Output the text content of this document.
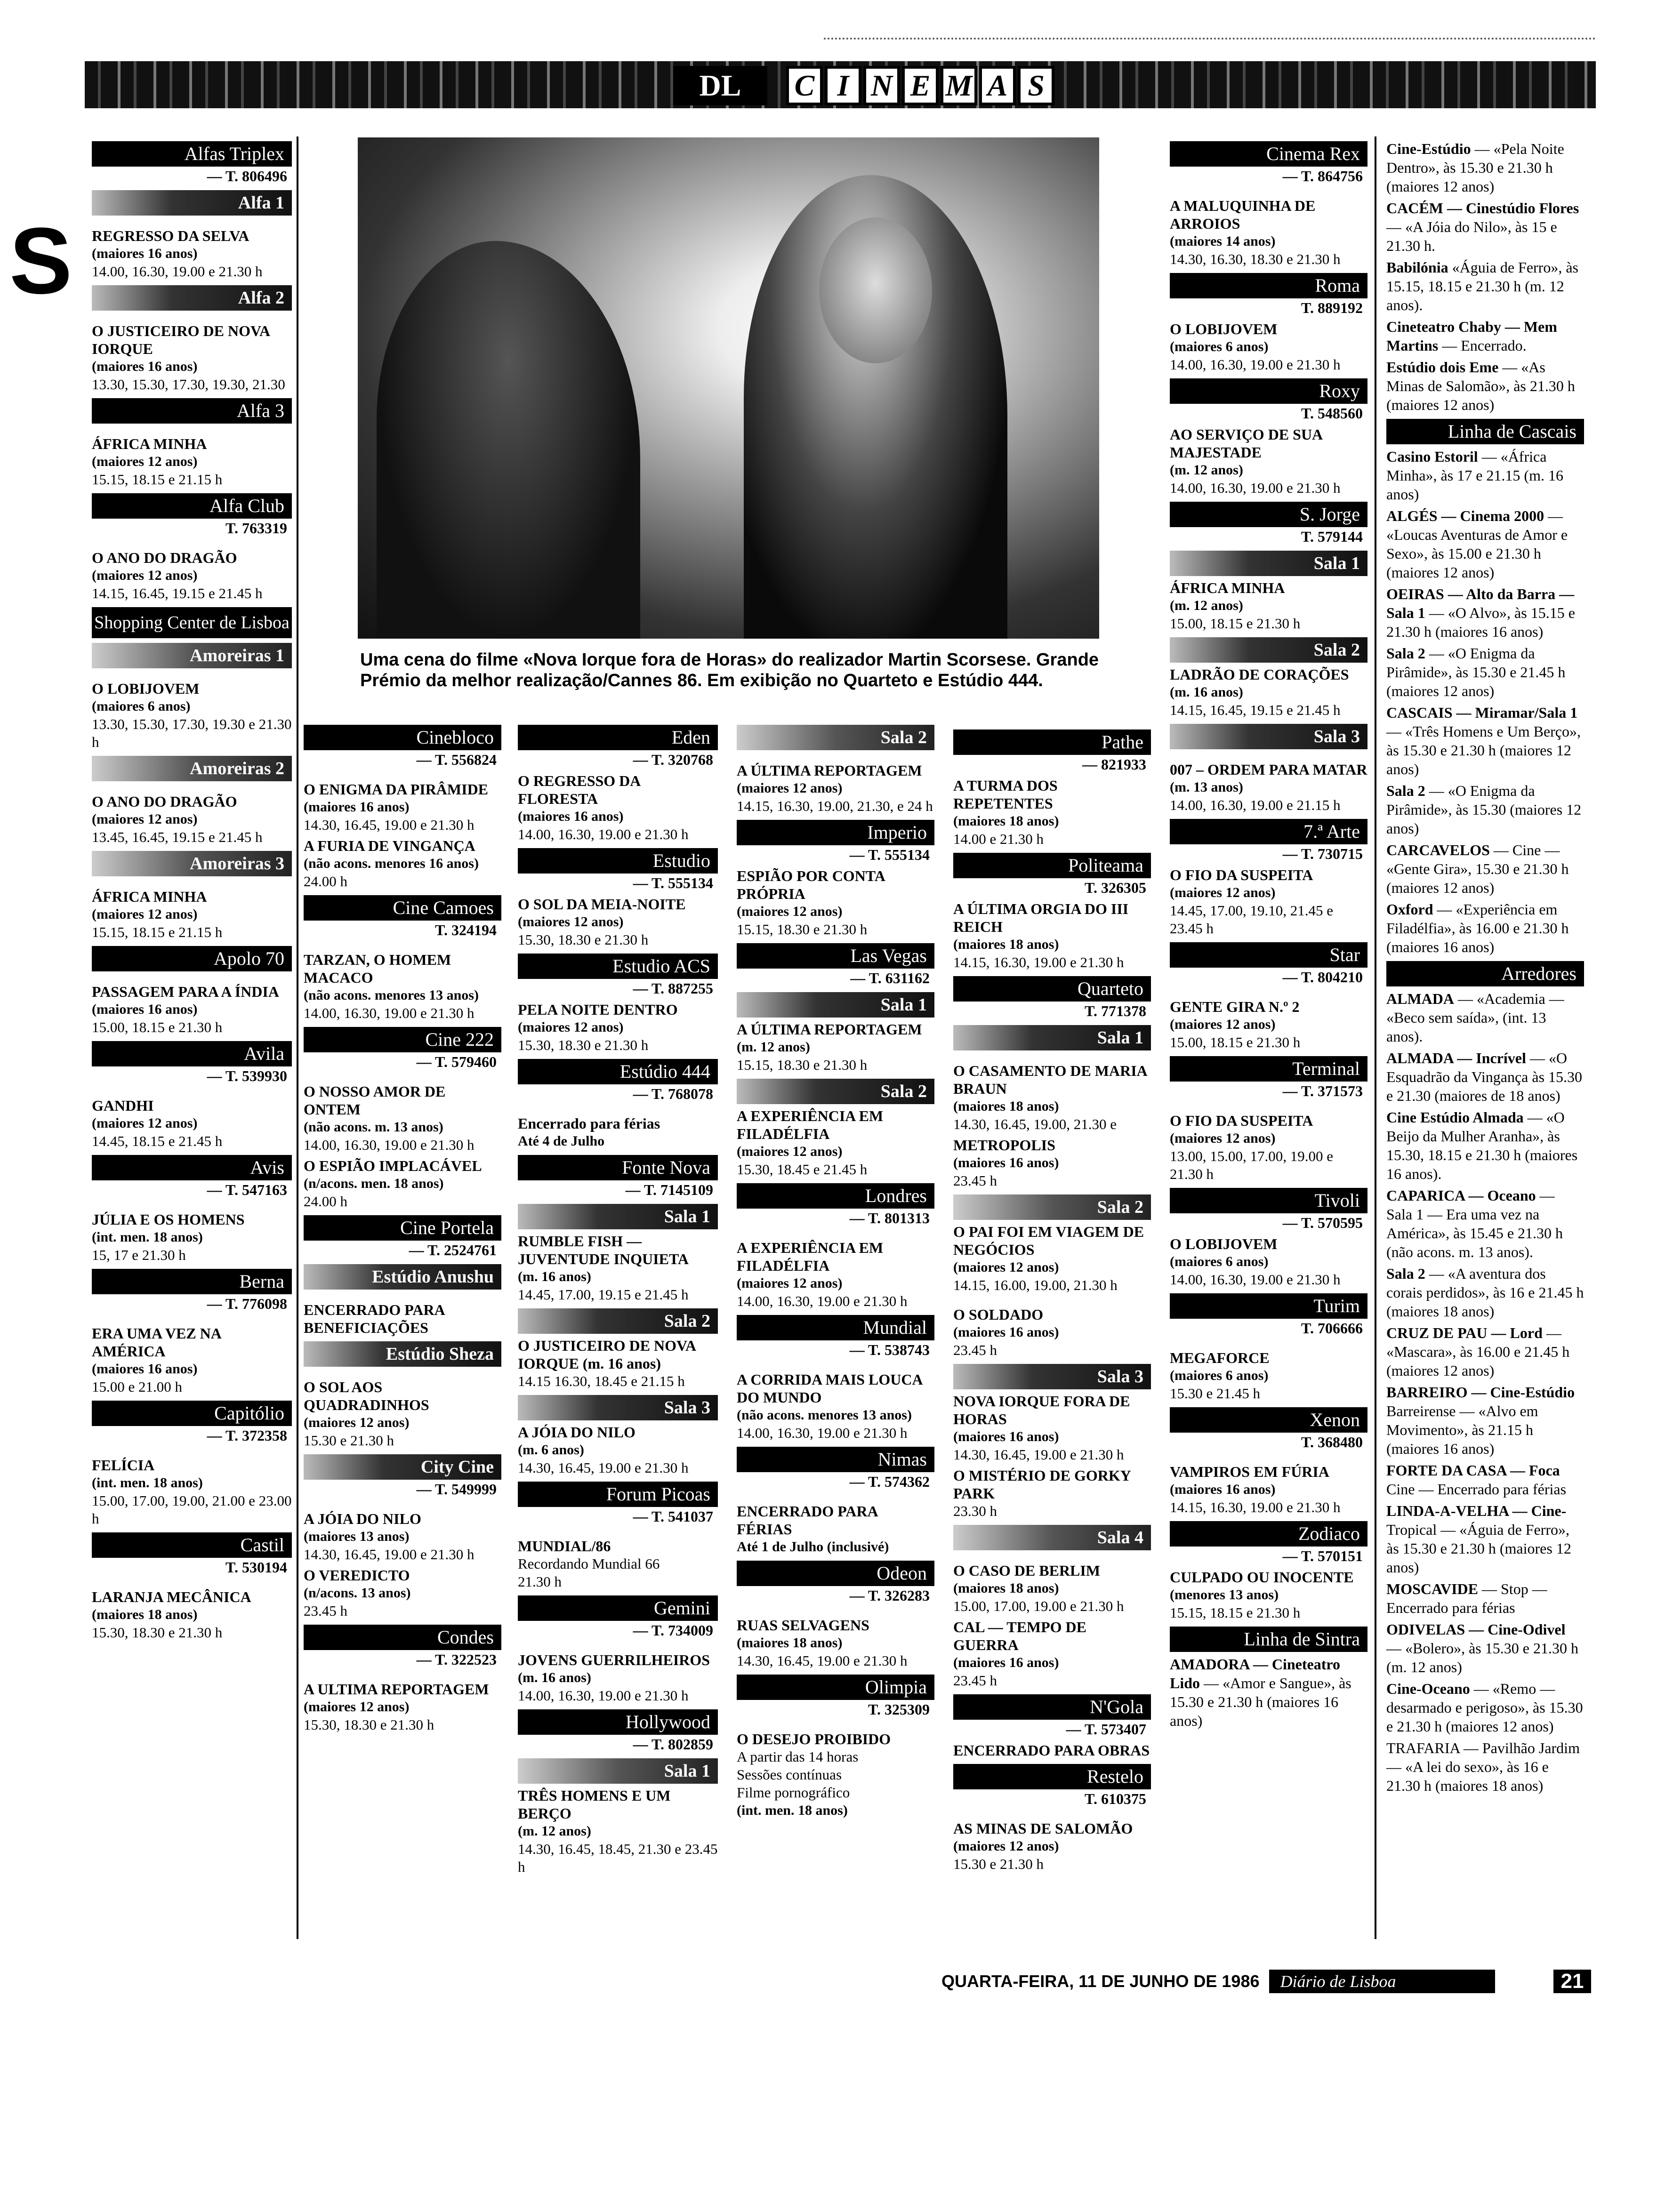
S
DL	C I N E M A S
Uma cena do filme «Nova Iorque fora de Horas» do realizador Martin Scorsese. Grande Prémio da melhor realização/Cannes 86. Em exibição no Quarteto e Estúdio 444.
Alfas Triplex
— T. 806496
Alfa 1
REGRESSO DA SELVA
(maiores 16 anos)
14.00, 16.30, 19.00 e 21.30 h
Alfa 2
O JUSTICEIRO DE NOVA IORQUE
(maiores 16 anos)
13.30, 15.30, 17.30, 19.30, 21.30
Alfa 3
ÁFRICA MINHA
(maiores 12 anos)
15.15, 18.15 e 21.15 h
Alfa Club
T. 763319
O ANO DO DRAGÃO
(maiores 12 anos)
14.15, 16.45, 19.15 e 21.45 h
Shopping Center de Lisboa
Amoreiras 1
O LOBIJOVEM
(maiores 6 anos)
13.30, 15.30, 17.30, 19.30 e 21.30 h
Amoreiras 2
O ANO DO DRAGÃO
(maiores 12 anos)
13.45, 16.45, 19.15 e 21.45 h
Amoreiras 3
ÁFRICA MINHA
(maiores 12 anos)
15.15, 18.15 e 21.15 h
Apolo 70
PASSAGEM PARA A ÍNDIA
(maiores 16 anos)
15.00, 18.15 e 21.30 h
Avila
— T. 539930
GANDHI
(maiores 12 anos)
14.45, 18.15 e 21.45 h
Avis
— T. 547163
JÚLIA E OS HOMENS
(int. men. 18 anos)
15, 17 e 21.30 h
Berna
— T. 776098
ERA UMA VEZ NA AMÉRICA
(maiores 16 anos)
15.00 e 21.00 h
Capitólio
— T. 372358
FELÍCIA
(int. men. 18 anos)
15.00, 17.00, 19.00, 21.00 e 23.00 h
Castil
T. 530194
LARANJA MECÂNICA
(maiores 18 anos)
15.30, 18.30 e 21.30 h
Cinebloco
— T. 556824
O ENIGMA DA PIRÂMIDE
(maiores 16 anos)
14.30, 16.45, 19.00 e 21.30 h
A FURIA DE VINGANÇA
(não acons. menores 16 anos)
24.00 h
Cine Camoes
T. 324194
TARZAN, O HOMEM MACACO
(não acons. menores 13 anos)
14.00, 16.30, 19.00 e 21.30 h
Cine 222
— T. 579460
O NOSSO AMOR DE ONTEM
(não acons. m. 13 anos)
14.00, 16.30, 19.00 e 21.30 h
O ESPIÃO IMPLACÁVEL
(n/acons. men. 18 anos)
24.00 h
Cine Portela
— T. 2524761
Estúdio Anushu
ENCERRADO PARA BENEFICIAÇÕES
Estúdio Sheza
O SOL AOS QUADRADINHOS
(maiores 12 anos)
15.30 e 21.30 h
City Cine
— T. 549999
A JÓIA DO NILO
(maiores 13 anos)
14.30, 16.45, 19.00 e 21.30 h
O VEREDICTO
(n/acons. 13 anos)
23.45 h
Condes
— T. 322523
A ULTIMA REPORTAGEM
(maiores 12 anos)
15.30, 18.30 e 21.30 h
Eden
— T. 320768
O REGRESSO DA FLORESTA
(maiores 16 anos)
14.00, 16.30, 19.00 e 21.30 h
Estudio
— T. 555134
O SOL DA MEIA-NOITE
(maiores 12 anos)
15.30, 18.30 e 21.30 h
Estudio ACS
— T. 887255
PELA NOITE DENTRO
(maiores 12 anos)
15.30, 18.30 e 21.30 h
Estúdio 444
— T. 768078
Encerrado para férias
Até 4 de Julho
Fonte Nova
— T. 7145109
Sala 1
RUMBLE FISH — JUVENTUDE INQUIETA
(m. 16 anos)
14.45, 17.00, 19.15 e 21.45 h
Sala 2
O JUSTICEIRO DE NOVA IORQUE (m. 16 anos)
14.15 16.30, 18.45 e 21.15 h
Sala 3
A JÓIA DO NILO
(m. 6 anos)
14.30, 16.45, 19.00 e 21.30 h
Forum Picoas
— T. 541037
MUNDIAL/86
Recordando Mundial 66
21.30 h
Gemini
— T. 734009
JOVENS GUERRILHEIROS
(m. 16 anos)
14.00, 16.30, 19.00 e 21.30 h
Hollywood
— T. 802859
Sala 1
TRÊS HOMENS E UM BERÇO
(m. 12 anos)
14.30, 16.45, 18.45, 21.30 e 23.45 h
Sala 2
A ÚLTIMA REPORTAGEM
(maiores 12 anos)
14.15, 16.30, 19.00, 21.30, e 24 h
Imperio
— T. 555134
ESPIÃO POR CONTA PRÓPRIA
(maiores 12 anos)
15.15, 18.30 e 21.30 h
Las Vegas
— T. 631162
Sala 1
A ÚLTIMA REPORTAGEM
(m. 12 anos)
15.15, 18.30 e 21.30 h
Sala 2
A EXPERIÊNCIA EM FILADÉLFIA
(maiores 12 anos)
15.30, 18.45 e 21.45 h
Londres
— T. 801313
A EXPERIÊNCIA EM FILADÉLFIA
(maiores 12 anos)
14.00, 16.30, 19.00 e 21.30 h
Mundial
— T. 538743
A CORRIDA MAIS LOUCA DO MUNDO
(não acons. menores 13 anos)
14.00, 16.30, 19.00 e 21.30 h
Nimas
— T. 574362
ENCERRADO PARA FÉRIAS
Até 1 de Julho (inclusivé)
Odeon
— T. 326283
RUAS SELVAGENS
(maiores 18 anos)
14.30, 16.45, 19.00 e 21.30 h
Olimpia
T. 325309
O DESEJO PROIBIDO
A partir das 14 horas
Sessões contínuas
Filme pornográfico
(int. men. 18 anos)
Pathe
— 821933
A TURMA DOS REPETENTES
(maiores 18 anos)
14.00 e 21.30 h
Politeama
T. 326305
A ÚLTIMA ORGIA DO III REICH
(maiores 18 anos)
14.15, 16.30, 19.00 e 21.30 h
Quarteto
T. 771378
Sala 1
O CASAMENTO DE MARIA BRAUN
(maiores 18 anos)
14.30, 16.45, 19.00, 21.30 e
METROPOLIS
(maiores 16 anos)
23.45 h
Sala 2
O PAI FOI EM VIAGEM DE NEGÓCIOS
(maiores 12 anos)
14.15, 16.00, 19.00, 21.30 h
O SOLDADO
(maiores 16 anos)
23.45 h
Sala 3
NOVA IORQUE FORA DE HORAS
(maiores 16 anos)
14.30, 16.45, 19.00 e 21.30 h
O MISTÉRIO DE GORKY PARK
23.30 h
Sala 4
O CASO DE BERLIM
(maiores 18 anos)
15.00, 17.00, 19.00 e 21.30 h
CAL — TEMPO DE GUERRA
(maiores 16 anos)
23.45 h
N'Gola
— T. 573407
ENCERRADO PARA OBRAS
Restelo
T. 610375
AS MINAS DE SALOMÃO
(maiores 12 anos)
15.30 e 21.30 h
Cinema Rex
— T. 864756
A MALUQUINHA DE ARROIOS
(maiores 14 anos)
14.30, 16.30, 18.30 e 21.30 h
Roma
T. 889192
O LOBIJOVEM
(maiores 6 anos)
14.00, 16.30, 19.00 e 21.30 h
Roxy
T. 548560
AO SERVIÇO DE SUA MAJESTADE
(m. 12 anos)
14.00, 16.30, 19.00 e 21.30 h
S. Jorge
T. 579144
Sala 1
ÁFRICA MINHA
(m. 12 anos)
15.00, 18.15 e 21.30 h
Sala 2
LADRÃO DE CORAÇÕES
(m. 16 anos)
14.15, 16.45, 19.15 e 21.45 h
Sala 3
007 – ORDEM PARA MATAR
(m. 13 anos)
14.00, 16.30, 19.00 e 21.15 h
7.ª Arte
— T. 730715
O FIO DA SUSPEITA
(maiores 12 anos)
14.45, 17.00, 19.10, 21.45 e 23.45 h
Star
— T. 804210
GENTE GIRA N.º 2
(maiores 12 anos)
15.00, 18.15 e 21.30 h
Terminal
— T. 371573
O FIO DA SUSPEITA
(maiores 12 anos)
13.00, 15.00, 17.00, 19.00 e 21.30 h
Tivoli
— T. 570595
O LOBIJOVEM
(maiores 6 anos)
14.00, 16.30, 19.00 e 21.30 h
Turim
T. 706666
MEGAFORCE
(maiores 6 anos)
15.30 e 21.45 h
Xenon
T. 368480
VAMPIROS EM FÚRIA
(maiores 16 anos)
14.15, 16.30, 19.00 e 21.30 h
Zodiaco
— T. 570151
CULPADO OU INOCENTE
(menores 13 anos)
15.15, 18.15 e 21.30 h
Linha de Sintra
AMADORA — Cineteatro Lido — «Amor e Sangue», às 15.30 e 21.30 h (maiores 16 anos)
Cine-Estúdio — «Pela Noite Dentro», às 15.30 e 21.30 h (maiores 12 anos)
CACÉM — Cinestúdio Flores — «A Jóia do Nilo», às 15 e 21.30 h.
Babilónia «Águia de Ferro», às 15.15, 18.15 e 21.30 h (m. 12 anos).
Cineteatro Chaby — Mem Martins — Encerrado.
Estúdio dois Eme — «As Minas de Salomão», às 21.30 h (maiores 12 anos)
Linha de Cascais
Casino Estoril — «África Minha», às 17 e 21.15 (m. 16 anos)
ALGÉS — Cinema 2000 — «Loucas Aventuras de Amor e Sexo», às 15.00 e 21.30 h (maiores 12 anos)
OEIRAS — Alto da Barra — Sala 1 — «O Alvo», às 15.15 e 21.30 h (maiores 16 anos)
Sala 2 — «O Enigma da Pirâmide», às 15.30 e 21.45 h (maiores 12 anos)
CASCAIS — Miramar/Sala 1 — «Três Homens e Um Berço», às 15.30 e 21.30 h (maiores 12 anos)
Sala 2 — «O Enigma da Pirâmide», às 15.30 (maiores 12 anos)
CARCAVELOS — Cine — «Gente Gira», 15.30 e 21.30 h (maiores 12 anos)
Oxford — «Experiência em Filadélfia», às 16.00 e 21.30 h (maiores 16 anos)
Arredores
ALMADA — «Academia — «Beco sem saída», (int. 13 anos).
ALMADA — Incrível — «O Esquadrão da Vingança às 15.30 e 21.30 (maiores de 18 anos)
Cine Estúdio Almada — «O Beijo da Mulher Aranha», às 15.30, 18.15 e 21.30 h (maiores 16 anos).
CAPARICA — Oceano — Sala 1 — Era uma vez na América», às 15.45 e 21.30 h (não acons. m. 13 anos).
Sala 2 — «A aventura dos corais perdidos», às 16 e 21.45 h (maiores 18 anos)
CRUZ DE PAU — Lord — «Mascara», às 16.00 e 21.45 h (maiores 12 anos)
BARREIRO — Cine-Estúdio Barreirense — «Alvo em Movimento», às 21.15 h (maiores 16 anos)
FORTE DA CASA — Foca Cine — Encerrado para férias
LINDA-A-VELHA — Cine-Tropical — «Águia de Ferro», às 15.30 e 21.30 h (maiores 12 anos)
MOSCAVIDE — Stop — Encerrado para férias
ODIVELAS — Cine-Odivel — «Bolero», às 15.30 e 21.30 h (m. 12 anos)
Cine-Oceano — «Remo — desarmado e perigoso», às 15.30 e 21.30 h (maiores 12 anos)
TRAFARIA — Pavilhão Jardim — «A lei do sexo», às 16 e 21.30 h (maiores 18 anos)
QUARTA-FEIRA, 11 DE JUNHO DE 1986	Diário de Lisboa	21
